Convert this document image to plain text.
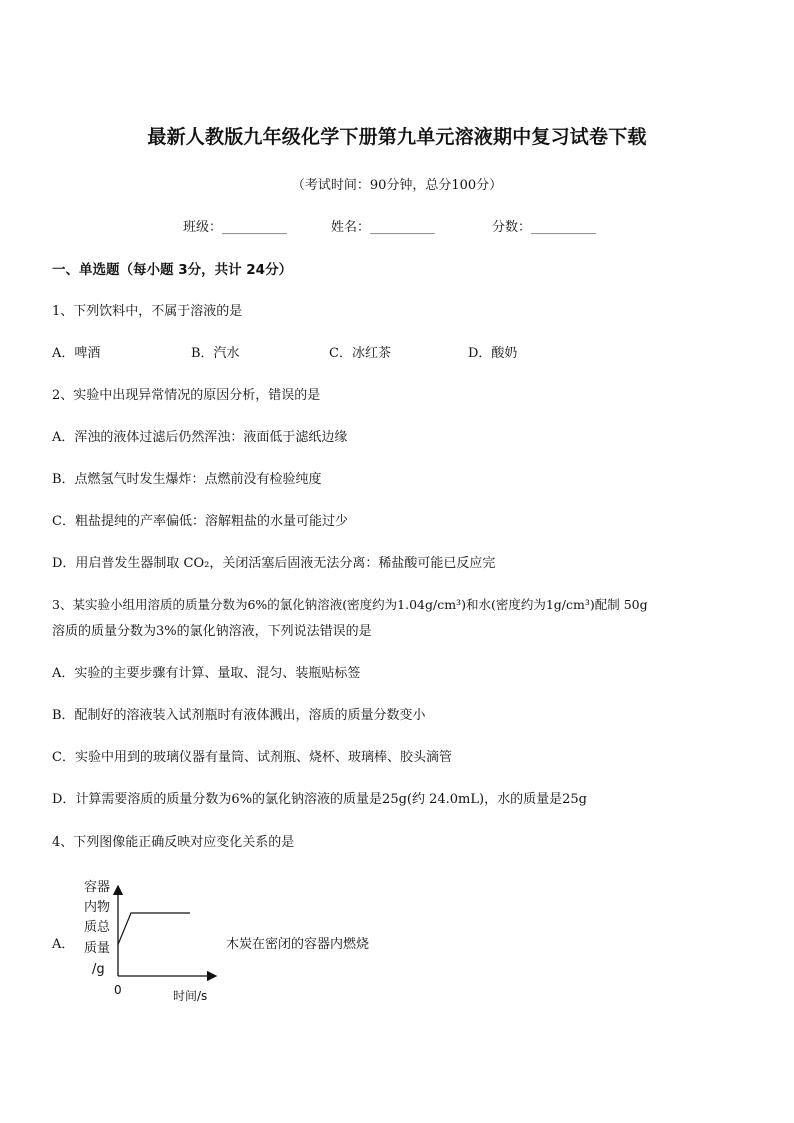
最新人教版九年级化学下册第九单元溶液期中复习试卷下载
（考试时间：90分钟，总分100分）
班级：__________	姓名：__________	分数：__________
一、单选题（每小题 3分，共计 24分）
1、下列饮料中，不属于溶液的是
A．啤酒	B．汽水	C．冰红茶	D．酸奶
2、实验中出现异常情况的原因分析，错误的是
A．浑浊的液体过滤后仍然浑浊：液面低于滤纸边缘
B．点燃氢气时发生爆炸：点燃前没有检验纯度
C．粗盐提纯的产率偏低：溶解粗盐的水量可能过少
D．用启普发生器制取 CO₂，关闭活塞后固液无法分离：稀盐酸可能已反应完
3、某实验小组用溶质的质量分数为6%的氯化钠溶液(密度约为1.04g/cm³)和水(密度约为1g/cm³)配制 50g
溶质的质量分数为3%的氯化钠溶液，下列说法错误的是
A．实验的主要步骤有计算、量取、混匀、装瓶贴标签
B．配制好的溶液装入试剂瓶时有液体溅出，溶质的质量分数变小
C．实验中用到的玻璃仪器有量筒、试剂瓶、烧杯、玻璃棒、胶头滴管
D．计算需要溶质的质量分数为6%的氯化钠溶液的质量是25g(约 24.0mL)，水的质量是25g
4、下列图像能正确反映对应变化关系的是
A．	木炭在密闭的容器内燃烧
容器
内物
质总
质量
/g
0	时间/s
